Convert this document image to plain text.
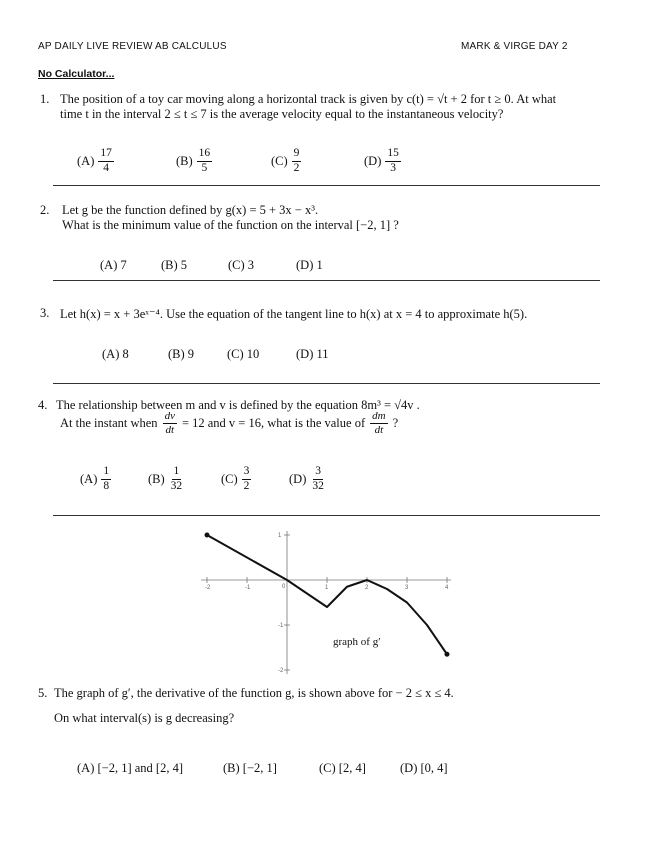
AP DAILY LIVE REVIEW AB CALCULUS	MARK & VIRGE DAY 2
No Calculator...
1. The position of a toy car moving along a horizontal track is given by c(t) = √t + 2 for t ≥ 0. At what
time t in the interval 2 ≤ t ≤ 7 is the average velocity equal to the instantaneous velocity?
$(A) \frac{17}{4}$	$(B) \frac{16}{5}$	$(C) \frac{9}{2}$	$(D) \frac{15}{3}$
2. Let g be the function defined by g(x) = 5 + 3x − x³.
What is the minimum value of the function on the interval [−2, 1] ?
(A) 7	(B) 5	(C) 3	(D) 1
3. Let h(x) = x + 3eˣ⁻⁴. Use the equation of the tangent line to h(x) at x = 4 to approximate h(5).
(A) 8	(B) 9	(C) 10	(D) 11
4. The relationship between m and v is defined by the equation 8m³ = √4v .
At the instant when $\frac{dv}{dt} = 12$ and v = 16, what is the value of $\frac{dm}{dt}$ ?
$(A) \frac{1}{8}$	$(B) \frac{1}{32}$	$(C) \frac{3}{2}$	$(D) \frac{3}{32}$
-2	-1	1	2	3	4
0
1
-1
-2
graph of g′
5. The graph of g′, the derivative of the function g, is shown above for − 2 ≤ x ≤ 4.
On what interval(s) is g decreasing?
(A) [−2, 1] and [2, 4]	(B) [−2, 1]	(C) [2, 4]	(D) [0, 4]
